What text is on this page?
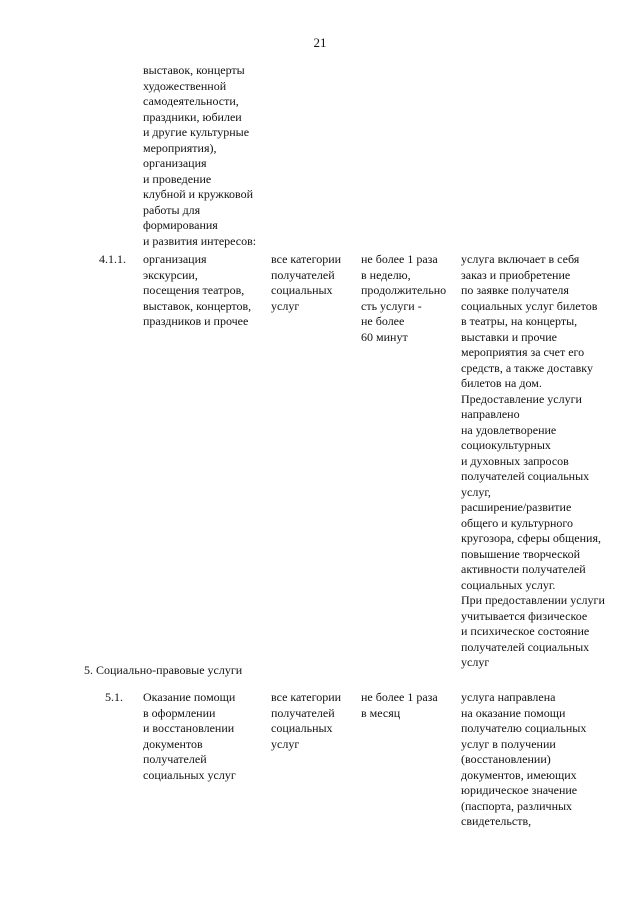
21
выставок, концерты
художественной
самодеятельности,
праздники, юбилеи
и другие культурные
мероприятия),
организация
и проведение
клубной и кружковой
работы для
формирования
и развития интересов:
4.1.1. организация
экскурсии,
посещения театров,
выставок, концертов,
праздников и прочее
все категории
получателей
социальных
услуг
не более 1 раза
в неделю,
продолжительно
сть услуги -
не более
60 минут
услуга включает в себя
заказ и приобретение
по заявке получателя
социальных услуг билетов
в театры, на концерты,
выставки и прочие
мероприятия за счет его
средств, а также доставку
билетов на дом.
Предоставление услуги
направлено
на удовлетворение
социокультурных
и духовных запросов
получателей социальных
услуг,
расширение/развитие
общего и культурного
кругозора, сферы общения,
повышение творческой
активности получателей
социальных услуг.
При предоставлении услуги
учитывается физическое
и психическое состояние
получателей социальных
услуг
5. Социально-правовые услуги
5.1. Оказание помощи
в оформлении
и восстановлении
документов
получателей
социальных услуг
все категории
получателей
социальных
услуг
не более 1 раза
в месяц
услуга направлена
на оказание помощи
получателю социальных
услуг в получении
(восстановлении)
документов, имеющих
юридическое значение
(паспорта, различных
свидетельств,
